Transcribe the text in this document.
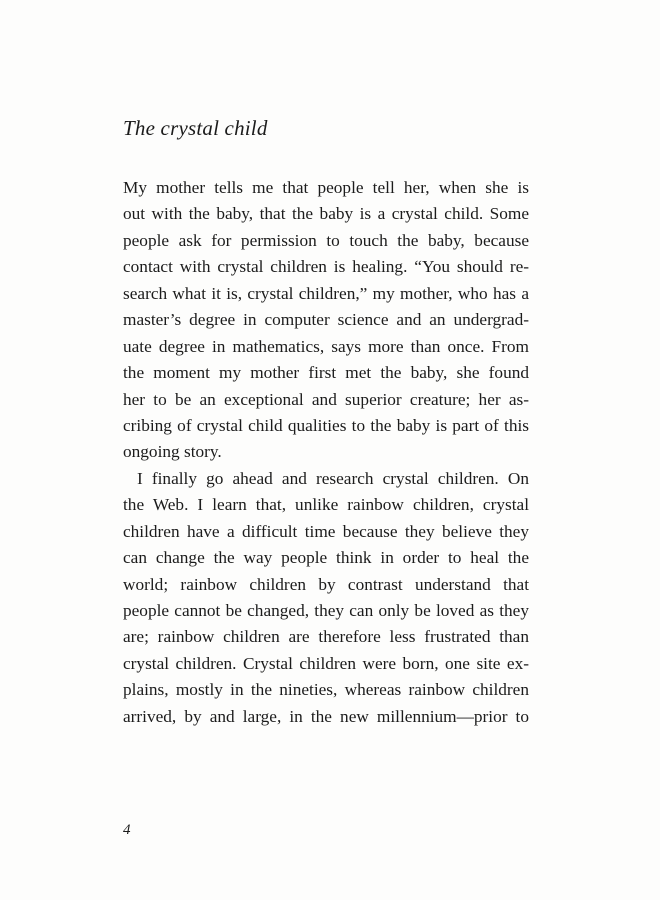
The crystal child
My mother tells me that people tell her, when she is
out with the baby, that the baby is a crystal child. Some
people ask for permission to touch the baby, because
contact with crystal children is healing. “You should re-
search what it is, crystal children,” my mother, who has a
master’s degree in computer science and an undergrad-
uate degree in mathematics, says more than once. From
the moment my mother first met the baby, she found
her to be an exceptional and superior creature; her as-
cribing of crystal child qualities to the baby is part of this
ongoing story.
I finally go ahead and research crystal children. On
the Web. I learn that, unlike rainbow children, crystal
children have a difficult time because they believe they
can change the way people think in order to heal the
world; rainbow children by contrast understand that
people cannot be changed, they can only be loved as they
are; rainbow children are therefore less frustrated than
crystal children. Crystal children were born, one site ex-
plains, mostly in the nineties, whereas rainbow children
arrived, by and large, in the new millennium—prior to
4
